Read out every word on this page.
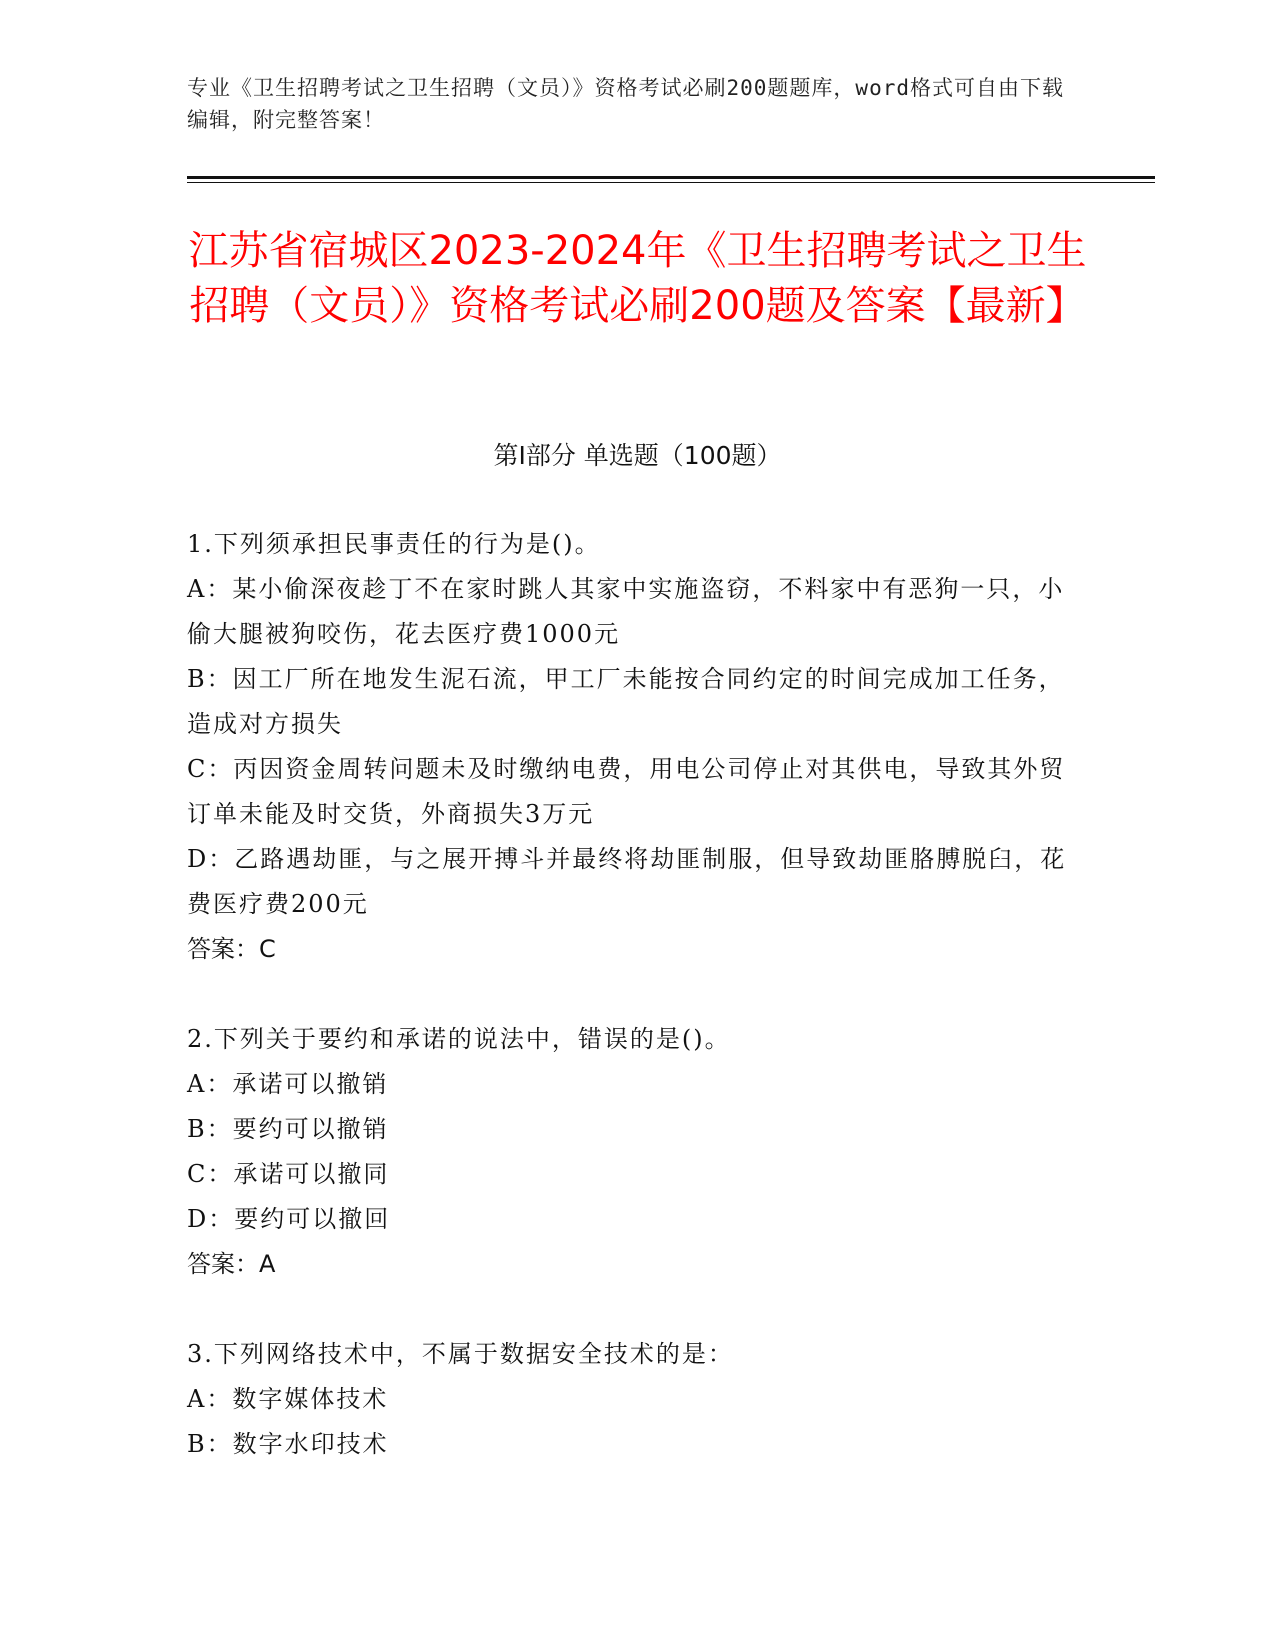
专业《卫生招聘考试之卫生招聘（文员）》资格考试必刷200题题库，word格式可自由下载编辑，附完整答案！
江苏省宿城区2023-2024年《卫生招聘考试之卫生招聘（文员）》资格考试必刷200题及答案【最新】
第Ⅰ部分 单选题（100题）
1.下列须承担民事责任的行为是()。
A：某小偷深夜趁丁不在家时跳人其家中实施盗窃，不料家中有恶狗一只，小偷大腿被狗咬伤，花去医疗费1000元
B：因工厂所在地发生泥石流，甲工厂未能按合同约定的时间完成加工任务，造成对方损失
C：丙因资金周转问题未及时缴纳电费，用电公司停止对其供电，导致其外贸订单未能及时交货，外商损失3万元
D：乙路遇劫匪，与之展开搏斗并最终将劫匪制服，但导致劫匪胳膊脱臼，花费医疗费200元
答案：C
2.下列关于要约和承诺的说法中，错误的是()。
A：承诺可以撤销
B：要约可以撤销
C：承诺可以撤同
D：要约可以撤回
答案：A
3.下列网络技术中，不属于数据安全技术的是：
A：数字媒体技术
B：数字水印技术
